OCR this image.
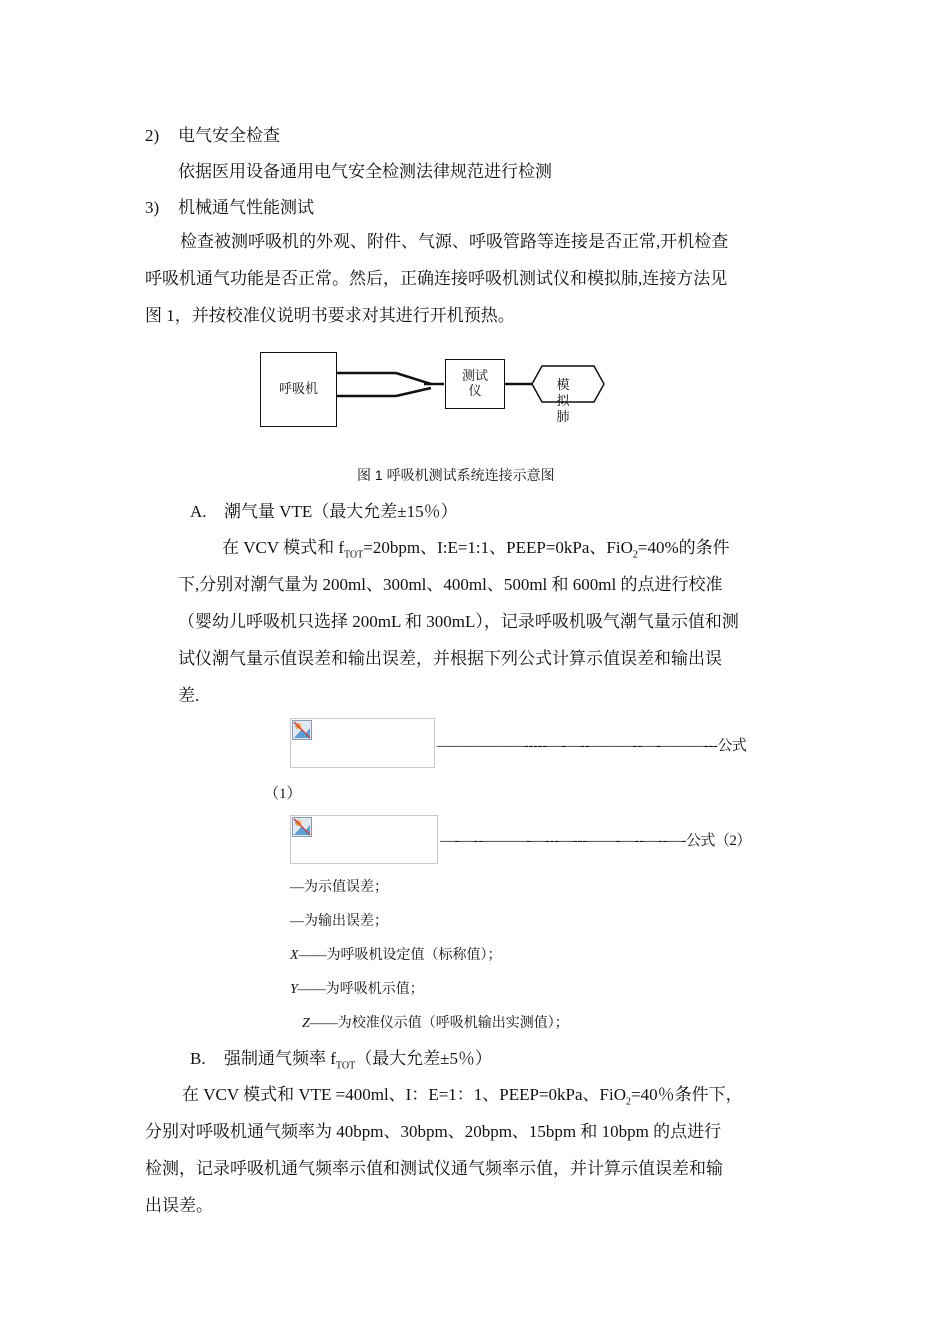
2) 电气安全检查
依据医用设备通用电气安全检测法律规范进行检测
3) 机械通气性能测试
检查被测呼吸机的外观、附件、气源、呼吸管路等连接是否正常,开机检查
呼吸机通气功能是否正常。然后，正确连接呼吸机测试仪和模拟肺,连接方法见
图 1，并按校准仪说明书要求对其进行开机预热。
呼吸机
测试
仪	模
拟
肺
图 1 呼吸机测试系统连接示意图
A. 潮气量 VTE（最大允差±15％）
在 VCV 模式和 $f_{TOT}=20bpm$、I:E=1:1、PEEP=0kPa、FiO$_2$=40%的条件
下,分别对潮气量为 200ml、300ml、400ml、500ml 和 600ml 的点进行校准
（婴幼儿呼吸机只选择 200mL 和 300mL），记录呼吸机吸气潮气量示值和测
试仪潮气量示值误差和输出误差，并根据下列公式计算示值误差和输出误
差.
——————-----—-—--———--—-———---公式
（1）
—-—--———-—---—---——-—--—--—-公式（2）
—为示值误差；
—为输出误差；
X——为呼吸机设定值（标称值）；
Y——为呼吸机示值；
Z——为校准仪示值（呼吸机输出实测值）；
B. 强制通气频率 $f_{TOT}$（最大允差±5％）
在 VCV 模式和 VTE =400ml、I：E=1：1、PEEP=0kPa、FiO$_2$=40％条件下，
分别对呼吸机通气频率为 40bpm、30bpm、20bpm、15bpm 和 10bpm 的点进行
检测，记录呼吸机通气频率示值和测试仪通气频率示值，并计算示值误差和输
出误差。
